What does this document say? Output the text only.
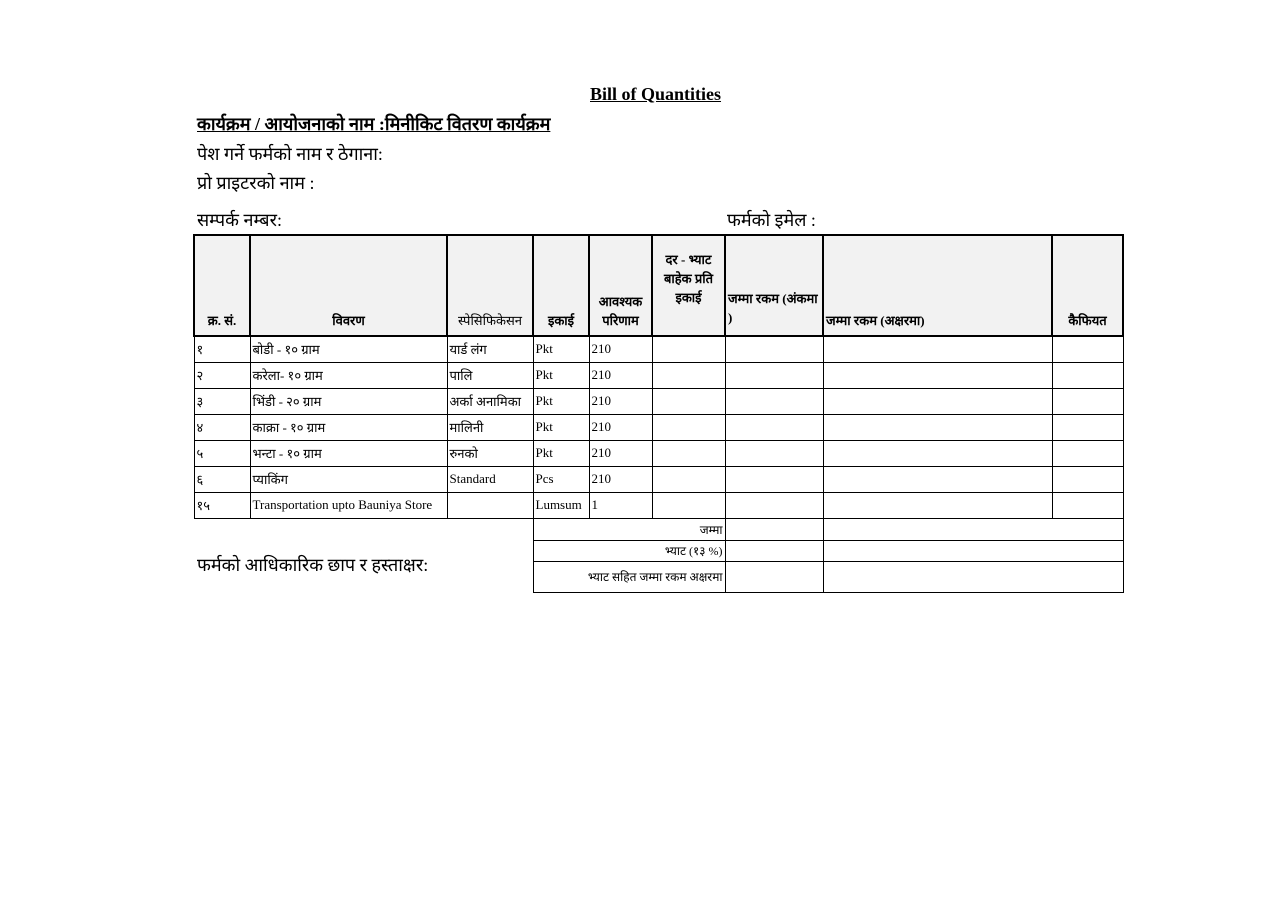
Bill of Quantities
कार्यक्रम / आयोजनाको नाम :मिनीकिट वितरण कार्यक्रम
पेश गर्ने फर्मको नाम र ठेगाना:
प्रो प्राइटरको नाम :
सम्पर्क नम्बर:	फर्मको इमेल :
क्र. सं.	विवरण	स्पेसिफिकेसन	इकाई	आवश्यक परिणाम	दर - भ्याट बाहेक प्रति इकाई	जम्मा रकम (अंकमा )	जम्मा रकम (अक्षरमा)	कैफियत
१	बोडी - १० ग्राम	यार्ड लंग	Pkt	210				
२	करेला- १० ग्राम	पालि	Pkt	210				
३	भिंडी - २० ग्राम	अर्का अनामिका	Pkt	210				
४	काक्रा - १० ग्राम	मालिनी	Pkt	210				
५	भन्टा - १० ग्राम	रुनको	Pkt	210				
६	प्याकिंग	Standard	Pcs	210				
१५	Transportation upto Bauniya Store		Lumsum	1				
			जम्मा					
			भ्याट (१३ %)					
			भ्याट सहित जम्मा रकम अक्षरमा					
फर्मको आधिकारिक छाप र हस्ताक्षर:
